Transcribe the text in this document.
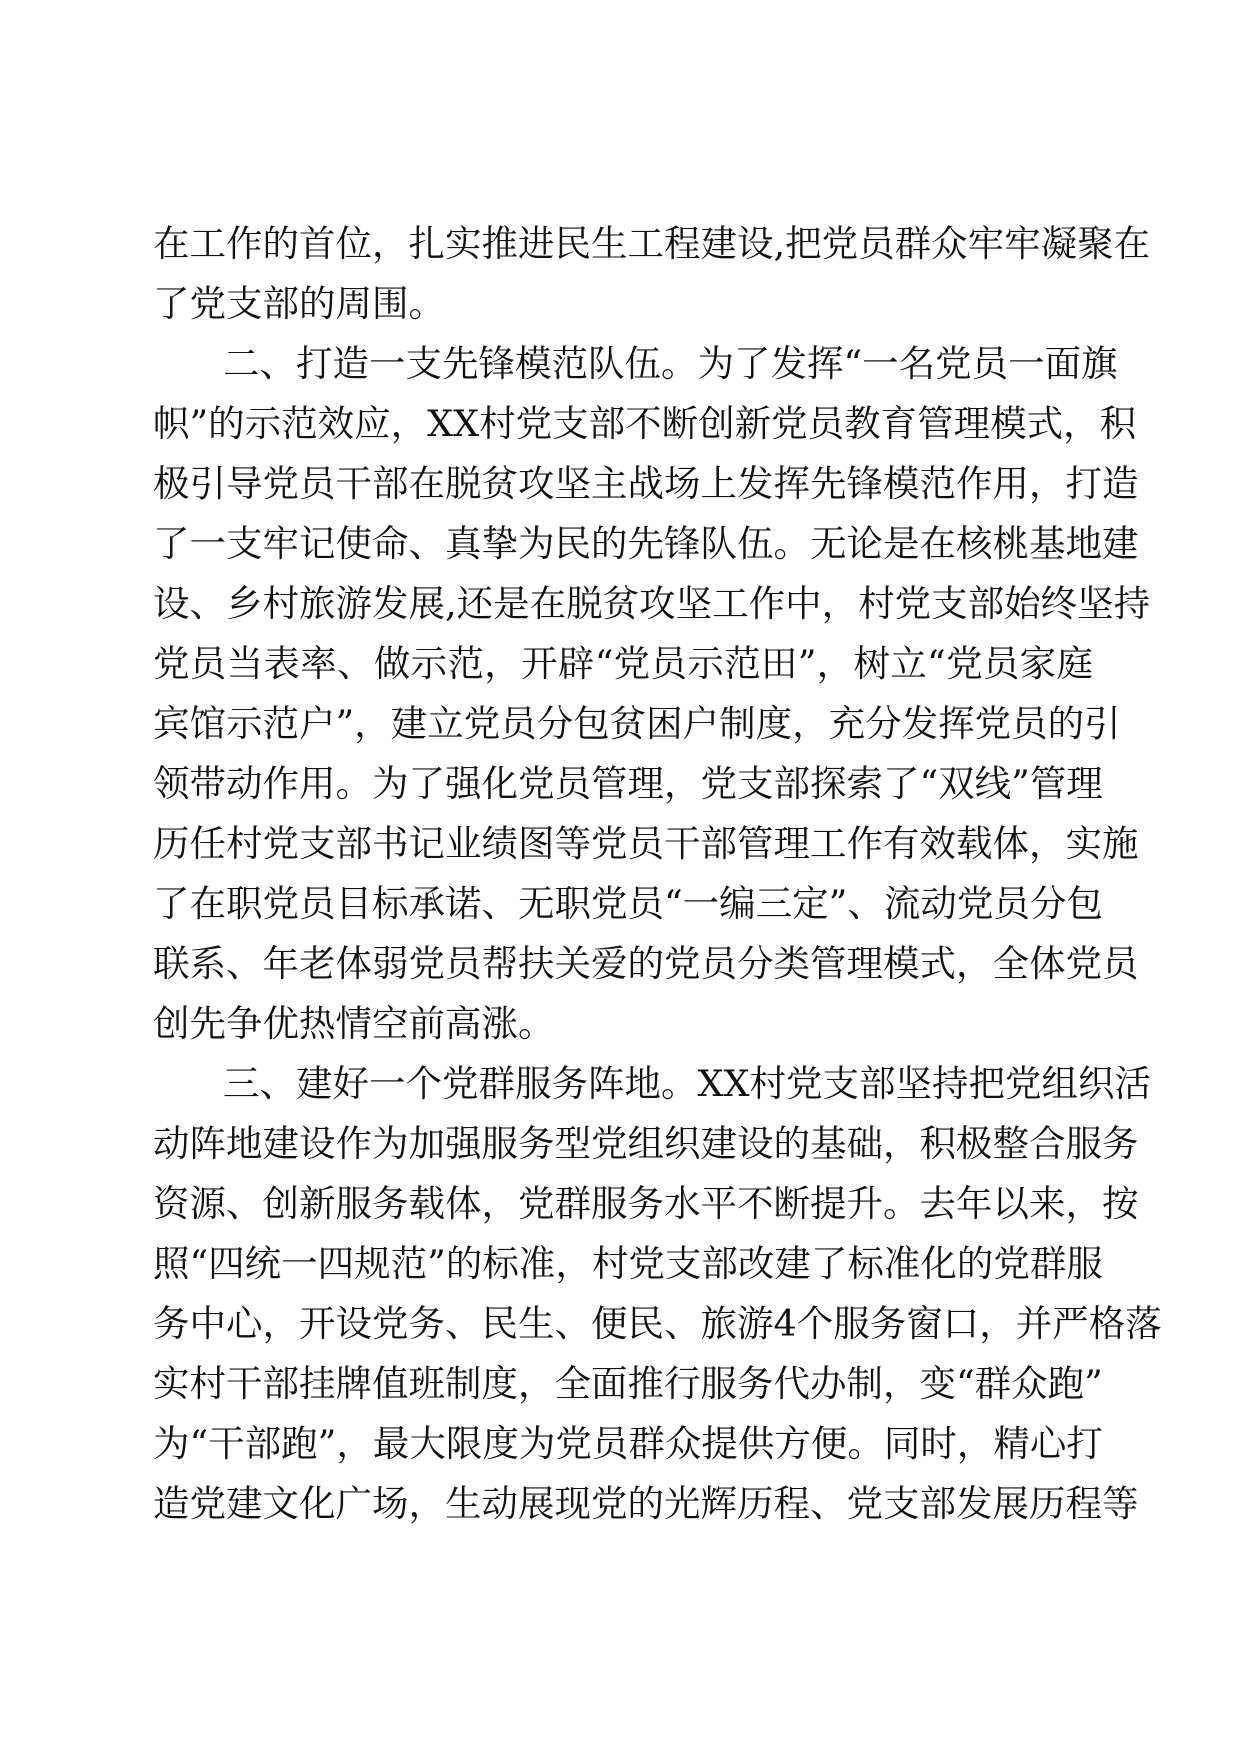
在工作的首位，扎实推进民生工程建设,把党员群众牢牢凝聚在
了党支部的周围。
二、打造一支先锋模范队伍。为了发挥“一名党员一面旗
帜”的示范效应，XX村党支部不断创新党员教育管理模式，积
极引导党员干部在脱贫攻坚主战场上发挥先锋模范作用，打造
了一支牢记使命、真挚为民的先锋队伍。无论是在核桃基地建
设、乡村旅游发展,还是在脱贫攻坚工作中，村党支部始终坚持
党员当表率、做示范，开辟“党员示范田”，树立“党员家庭
宾馆示范户”，建立党员分包贫困户制度，充分发挥党员的引
领带动作用。为了强化党员管理，党支部探索了“双线”管理
历任村党支部书记业绩图等党员干部管理工作有效载体，实施
了在职党员目标承诺、无职党员“一编三定”、流动党员分包
联系、年老体弱党员帮扶关爱的党员分类管理模式，全体党员
创先争优热情空前高涨。
三、建好一个党群服务阵地。XX村党支部坚持把党组织活
动阵地建设作为加强服务型党组织建设的基础，积极整合服务
资源、创新服务载体，党群服务水平不断提升。去年以来，按
照“四统一四规范”的标准，村党支部改建了标准化的党群服
务中心，开设党务、民生、便民、旅游4个服务窗口，并严格落
实村干部挂牌值班制度，全面推行服务代办制，变“群众跑”
为“干部跑”，最大限度为党员群众提供方便。同时，精心打
造党建文化广场，生动展现党的光辉历程、党支部发展历程等
